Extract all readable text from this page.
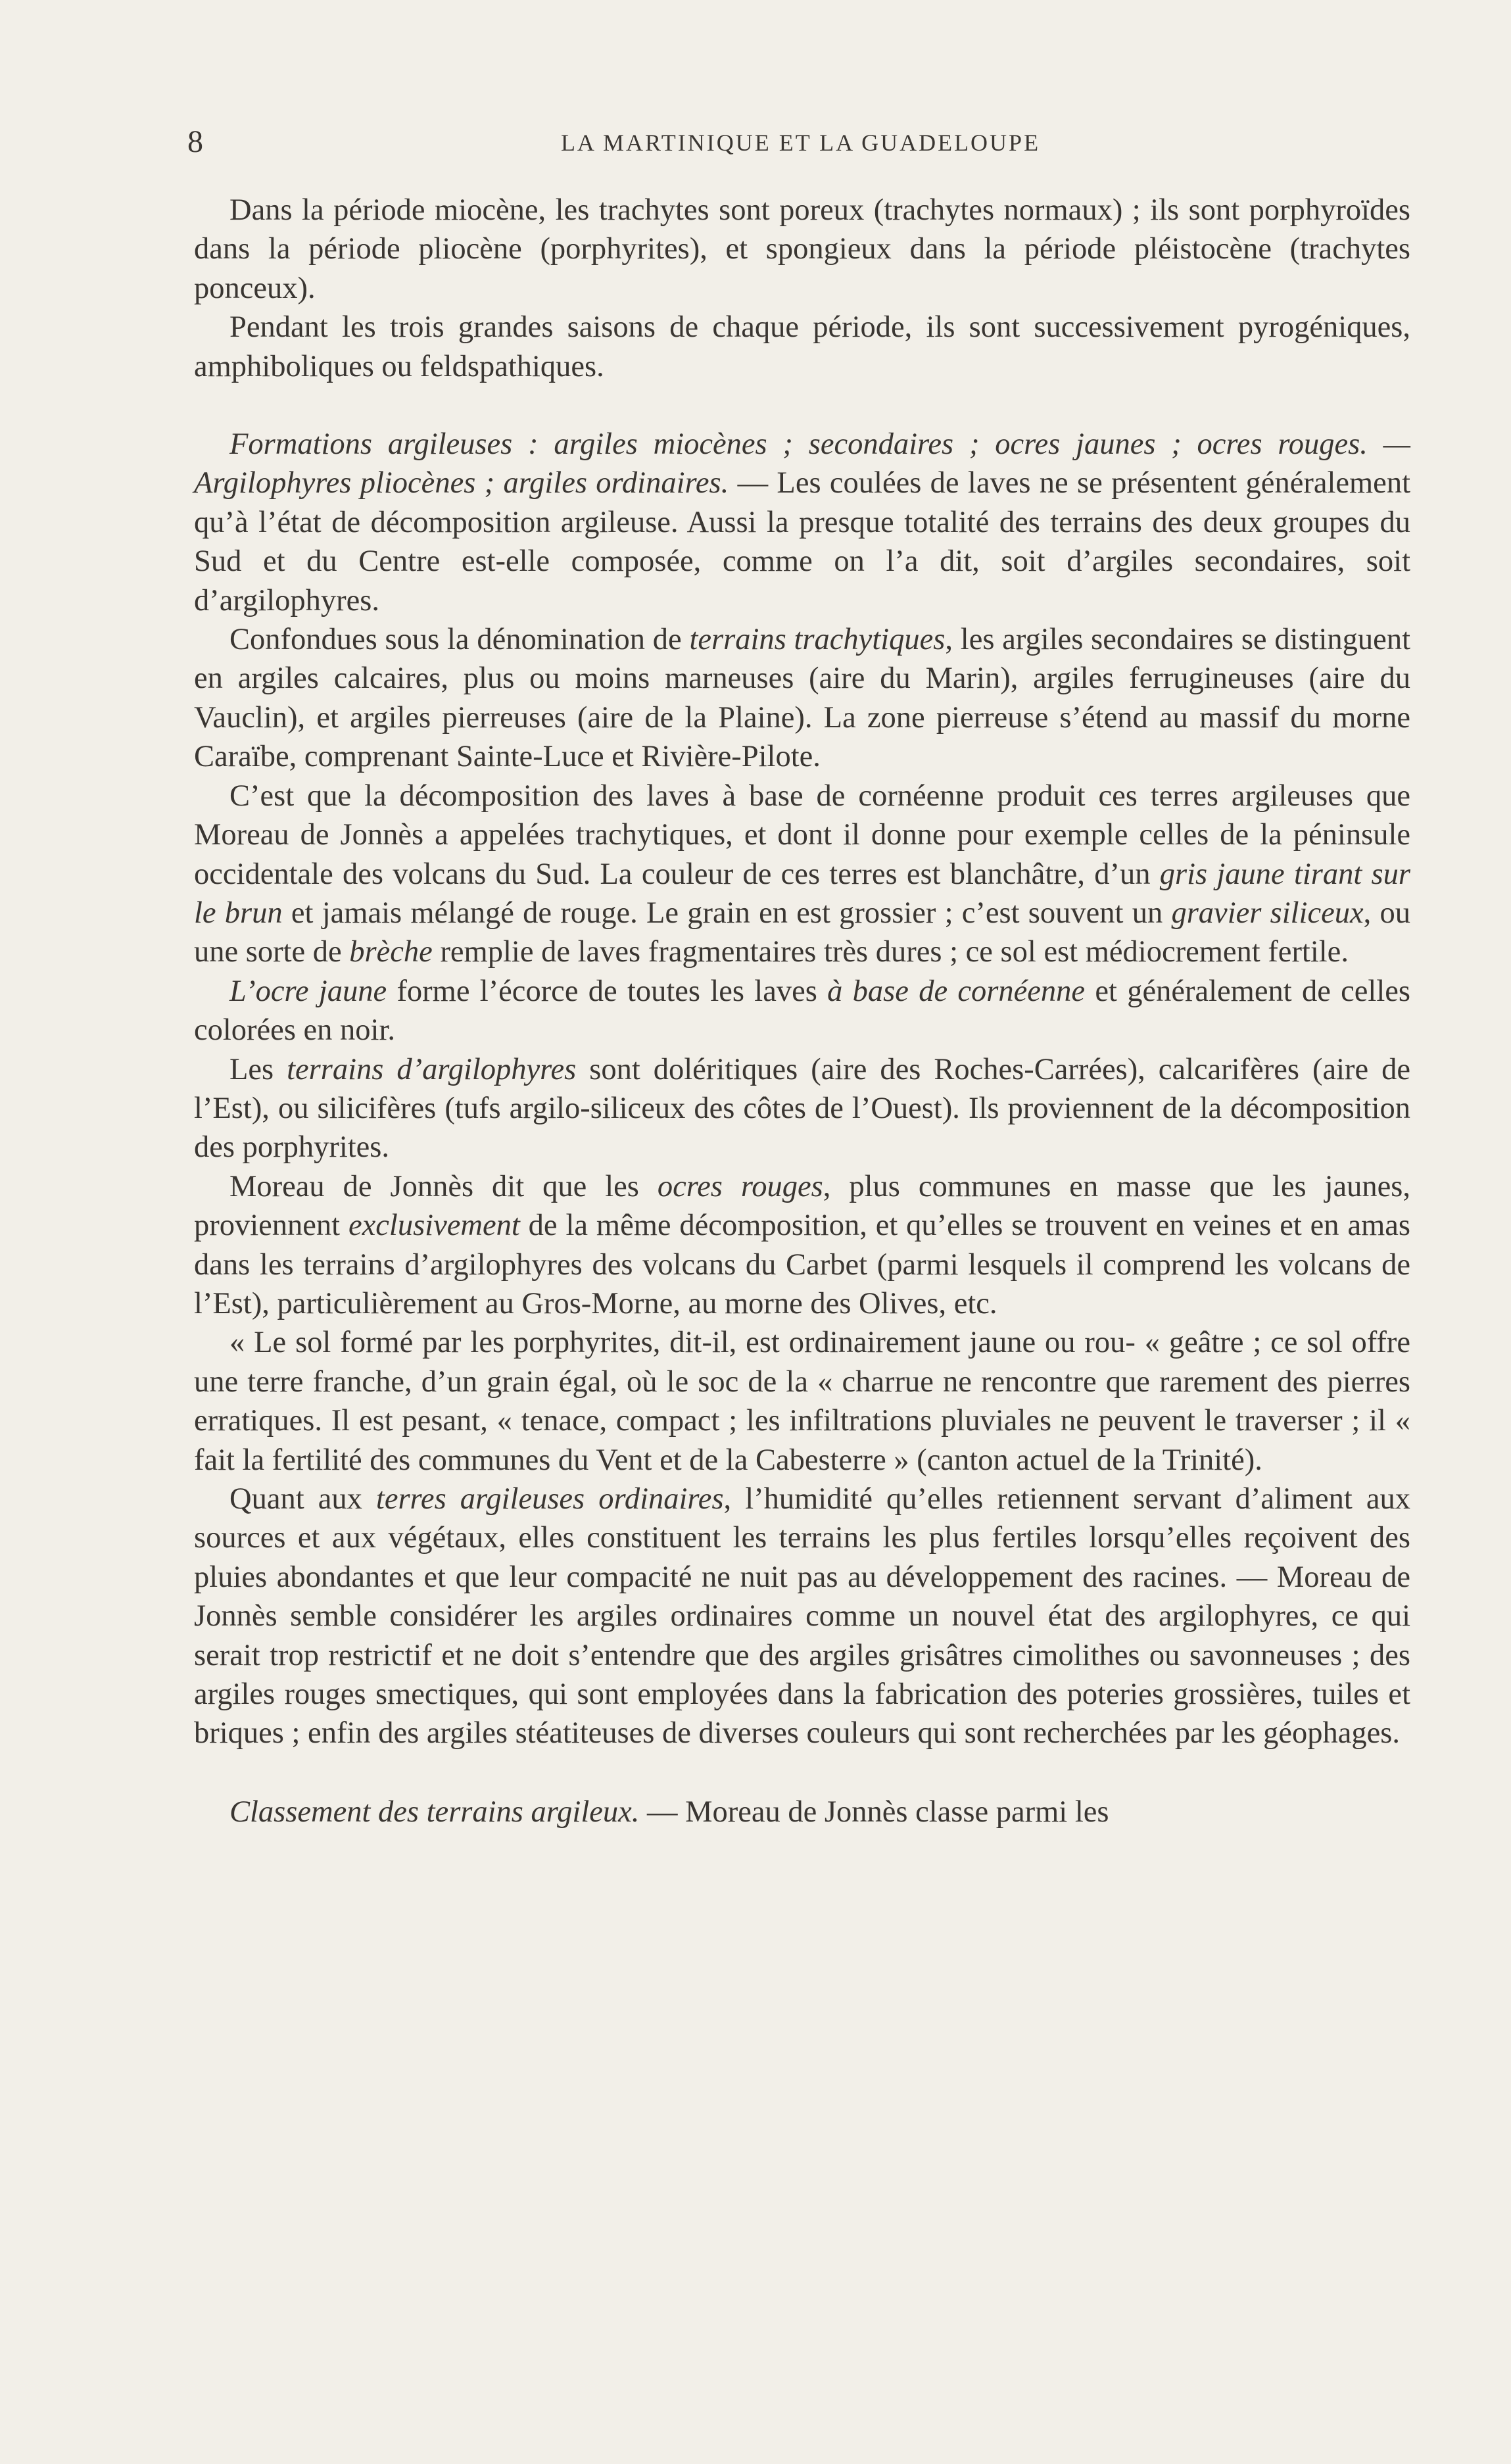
8	LA MARTINIQUE ET LA GUADELOUPE

Dans la période miocène, les trachytes sont poreux (trachytes normaux) ; ils sont porphyroïdes dans la période pliocène (porphyrites), et spongieux dans la période pléistocène (trachytes ponceux).

Pendant les trois grandes saisons de chaque période, ils sont successivement pyrogéniques, amphiboliques ou feldspathiques.

Formations argileuses : argiles miocènes ; secondaires ; ocres jaunes ; ocres rouges. — Argilophyres pliocènes ; argiles ordinaires. — Les coulées de laves ne se présentent généralement qu’à l’état de décomposition argileuse. Aussi la presque totalité des terrains des deux groupes du Sud et du Centre est-elle composée, comme on l’a dit, soit d’argiles secondaires, soit d’argilophyres.

Confondues sous la dénomination de terrains trachytiques, les argiles secondaires se distinguent en argiles calcaires, plus ou moins marneuses (aire du Marin), argiles ferrugineuses (aire du Vauclin), et argiles pierreuses (aire de la Plaine). La zone pierreuse s’étend au massif du morne Caraïbe, comprenant Sainte-Luce et Rivière-Pilote.

C’est que la décomposition des laves à base de cornéenne produit ces terres argileuses que Moreau de Jonnès a appelées trachytiques, et dont il donne pour exemple celles de la péninsule occidentale des volcans du Sud. La couleur de ces terres est blanchâtre, d’un gris jaune tirant sur le brun et jamais mélangé de rouge. Le grain en est grossier ; c’est souvent un gravier siliceux, ou une sorte de brèche remplie de laves fragmentaires très dures ; ce sol est médiocrement fertile.

L’ocre jaune forme l’écorce de toutes les laves à base de cornéenne et généralement de celles colorées en noir.

Les terrains d’argilophyres sont doléritiques (aire des Roches-Carrées), calcarifères (aire de l’Est), ou silicifères (tufs argilo-siliceux des côtes de l’Ouest). Ils proviennent de la décomposition des porphyrites.

Moreau de Jonnès dit que les ocres rouges, plus communes en masse que les jaunes, proviennent exclusivement de la même décomposition, et qu’elles se trouvent en veines et en amas dans les terrains d’argilophyres des volcans du Carbet (parmi lesquels il comprend les volcans de l’Est), particulièrement au Gros-Morne, au morne des Olives, etc.

« Le sol formé par les porphyrites, dit-il, est ordinairement jaune ou rou- « geâtre ; ce sol offre une terre franche, d’un grain égal, où le soc de la « charrue ne rencontre que rarement des pierres erratiques. Il est pesant, « tenace, compact ; les infiltrations pluviales ne peuvent le traverser ; il « fait la fertilité des communes du Vent et de la Cabesterre » (canton actuel de la Trinité).

Quant aux terres argileuses ordinaires, l’humidité qu’elles retiennent servant d’aliment aux sources et aux végétaux, elles constituent les terrains les plus fertiles lorsqu’elles reçoivent des pluies abondantes et que leur compacité ne nuit pas au développement des racines. — Moreau de Jonnès semble considérer les argiles ordinaires comme un nouvel état des argilophyres, ce qui serait trop restrictif et ne doit s’entendre que des argiles grisâtres cimolithes ou savonneuses ; des argiles rouges smectiques, qui sont employées dans la fabrication des poteries grossières, tuiles et briques ; enfin des argiles stéatiteuses de diverses couleurs qui sont recherchées par les géophages.

Classement des terrains argileux. — Moreau de Jonnès classe parmi les
